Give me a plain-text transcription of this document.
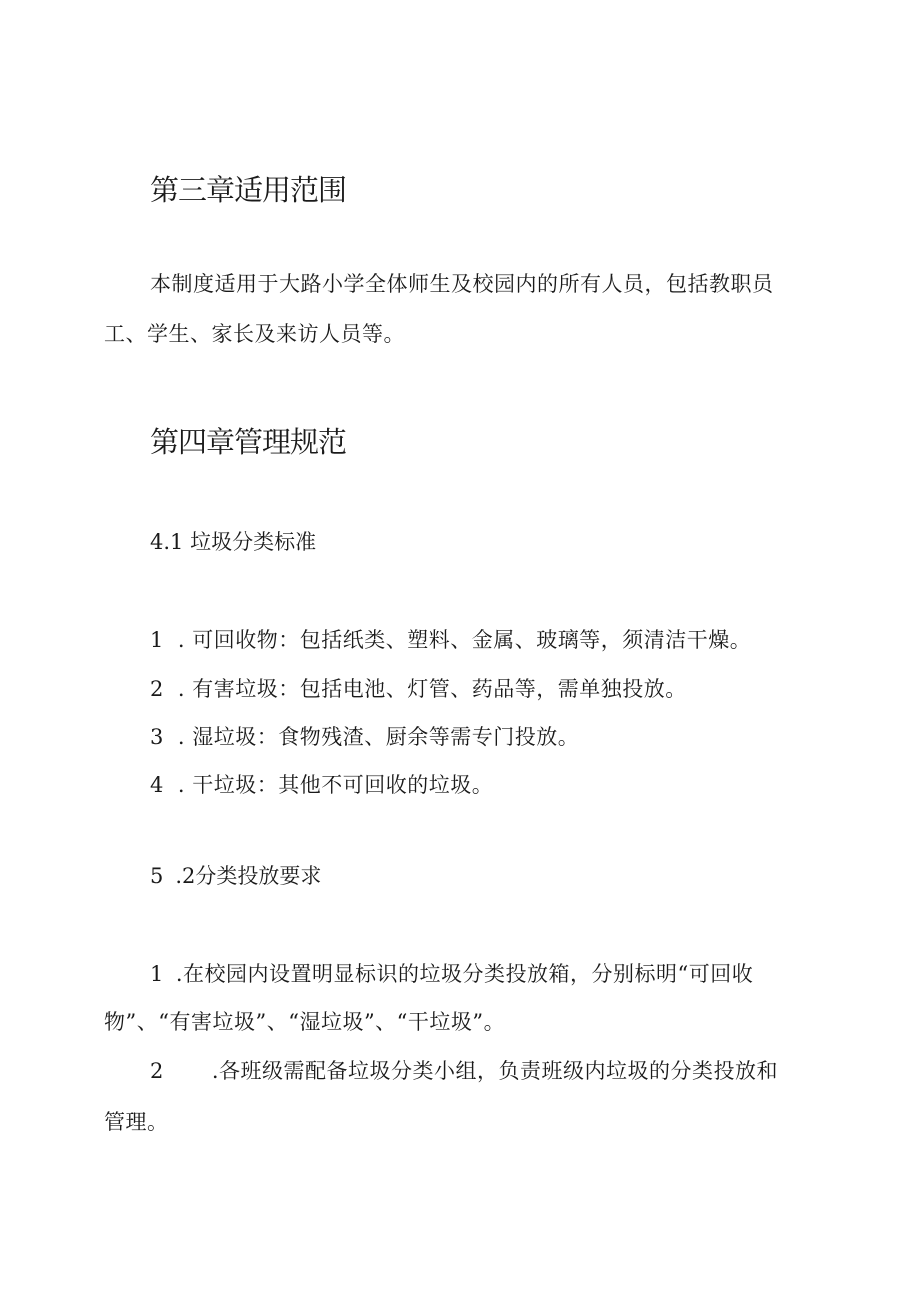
第三章适用范围

本制度适用于大路小学全体师生及校园内的所有人员，包括教职员

工、学生、家长及来访人员等。

第四章管理规范

4.1 垃圾分类标准

1 . 可回收物：包括纸类、塑料、金属、玻璃等，须清洁干燥。

2 . 有害垃圾：包括电池、灯管、药品等，需单独投放。

3 . 湿垃圾：食物残渣、厨余等需专门投放。

4 . 干垃圾：其他不可回收的垃圾。

5 .2分类投放要求

1 .在校园内设置明显标识的垃圾分类投放箱，分别标明“可回收

物”、“有害垃圾”、“湿垃圾”、“干垃圾”。

2 .各班级需配备垃圾分类小组，负责班级内垃圾的分类投放和

管理。
